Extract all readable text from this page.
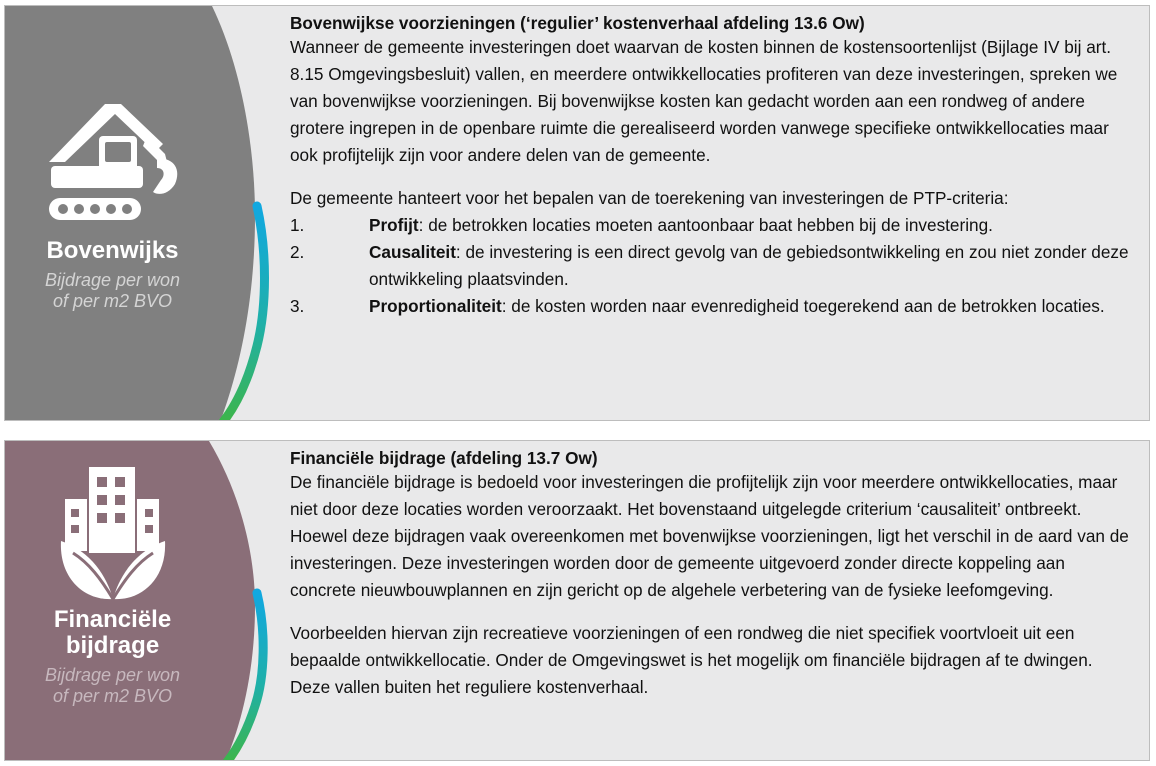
Bovenwijks
Bijdrage per won
of per m2 BVO
Bovenwijkse voorzieningen (‘regulier’ kostenverhaal afdeling 13.6 Ow)

Wanneer de gemeente investeringen doet waarvan de kosten binnen de kostensoortenlijst (Bijlage IV bij art. 8.15 Omgevingsbesluit) vallen, en meerdere ontwikkellocaties profiteren van deze investeringen, spreken we van bovenwijkse voorzieningen. Bij bovenwijkse kosten kan gedacht worden aan een rondweg of andere grotere ingrepen in de openbare ruimte die gerealiseerd worden vanwege specifieke ontwikkellocaties maar ook profijtelijk zijn voor andere delen van de gemeente.

De gemeente hanteert voor het bepalen van de toerekening van investeringen de PTP-criteria:

1.	Profijt: de betrokken locaties moeten aantoonbaar baat hebben bij de investering.
2.	Causaliteit: de investering is een direct gevolg van de gebiedsontwikkeling en zou niet zonder deze ontwikkeling plaatsvinden.
3.	Proportionaliteit: de kosten worden naar evenredigheid toegerekend aan de betrokken locaties.
Financiële
bijdrage
Bijdrage per won
of per m2 BVO
Financiële bijdrage (afdeling 13.7 Ow)

De financiële bijdrage is bedoeld voor investeringen die profijtelijk zijn voor meerdere ontwikkellocaties, maar niet door deze locaties worden veroorzaakt. Het bovenstaand uitgelegde criterium ‘causaliteit’ ontbreekt. Hoewel deze bijdragen vaak overeenkomen met bovenwijkse voorzieningen, ligt het verschil in de aard van de investeringen. Deze investeringen worden door de gemeente uitgevoerd zonder directe koppeling aan concrete nieuwbouwplannen en zijn gericht op de algehele verbetering van de fysieke leefomgeving.

Voorbeelden hiervan zijn recreatieve voorzieningen of een rondweg die niet specifiek voortvloeit uit een bepaalde ontwikkellocatie. Onder de Omgevingswet is het mogelijk om financiële bijdragen af te dwingen. Deze vallen buiten het reguliere kostenverhaal.
